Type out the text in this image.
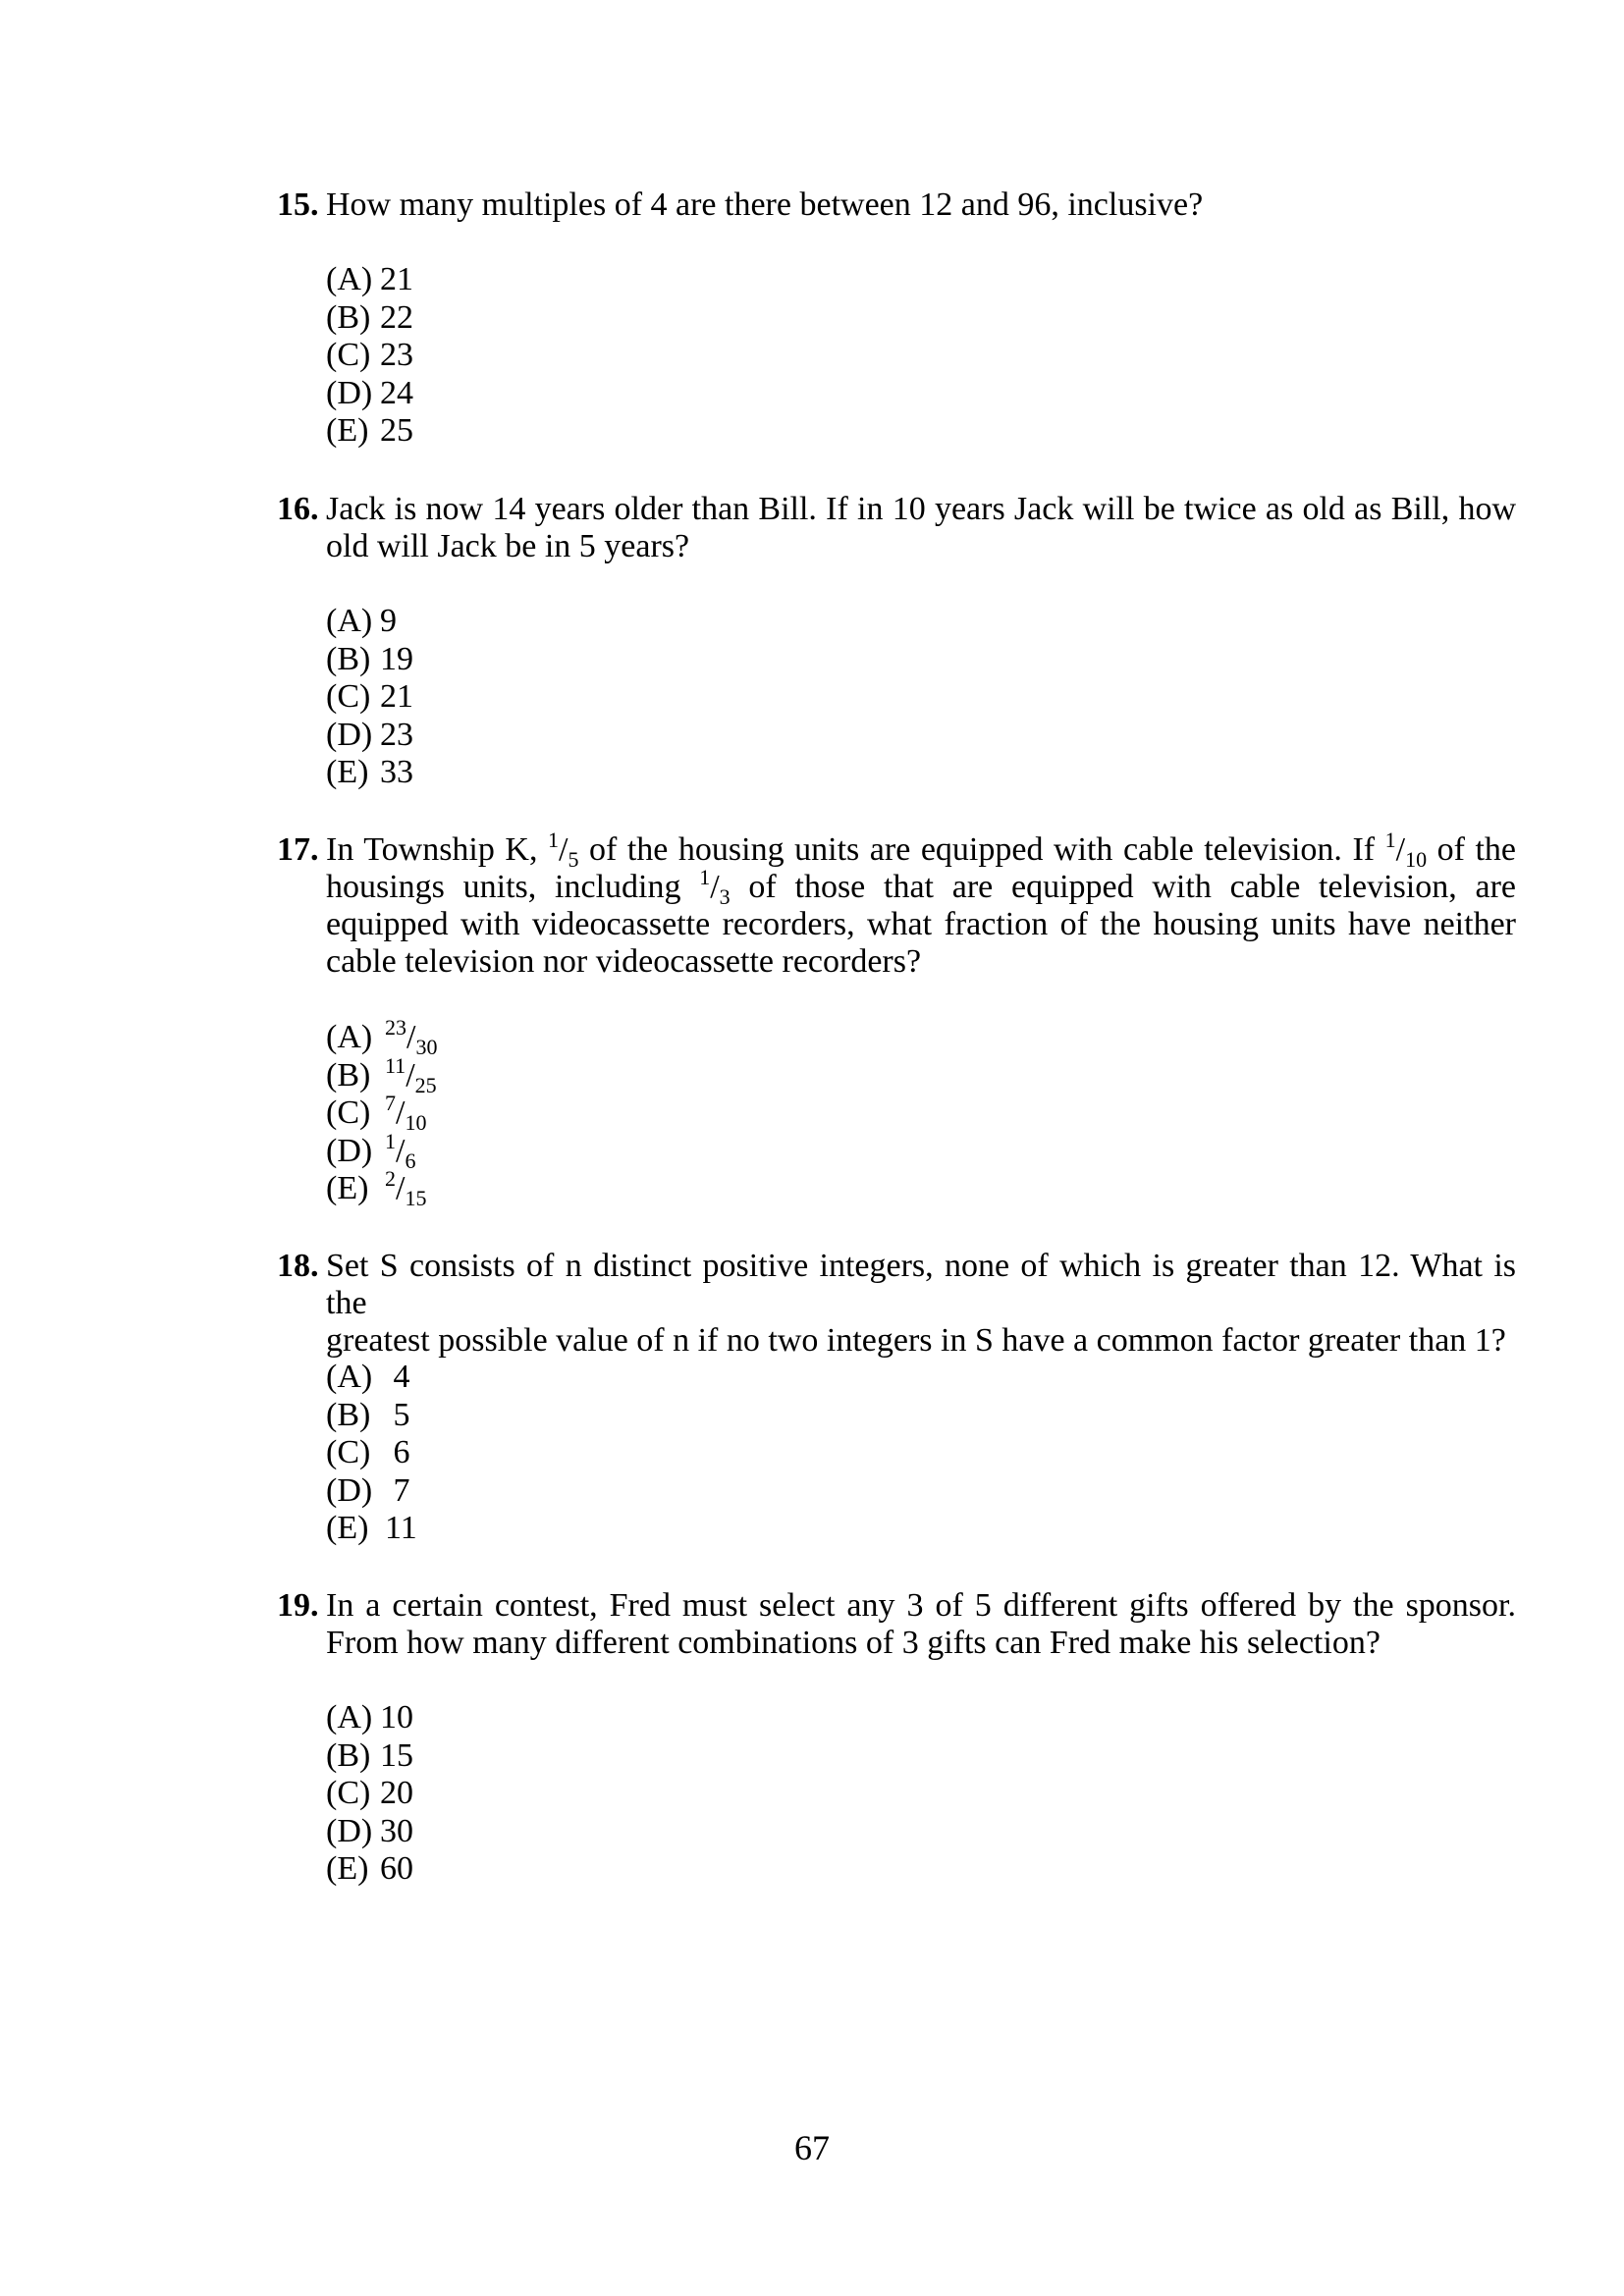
15. How many multiples of 4 are there between 12 and 96, inclusive?
(A) 21
(B) 22
(C) 23
(D) 24
(E) 25
16. Jack is now 14 years older than Bill. If in 10 years Jack will be twice as old as Bill, how
old will Jack be in 5 years?
(A) 9
(B) 19
(C) 21
(D) 23
(E) 33
17. In Township K, $^1/_5$ of the housing units are equipped with cable television. If $^1/_{10}$ of the
housings units, including $^1/_3$ of those that are equipped with cable television, are
equipped with videocassette recorders, what fraction of the housing units have neither
cable television nor videocassette recorders?
(A) $^{23}/_{30}$
(B) $^{11}/_{25}$
(C) $^7/_{10}$
(D) $^1/_6$
(E) $^2/_{15}$
18. Set S consists of n distinct positive integers, none of which is greater than 12. What is the
greatest possible value of n if no two integers in S have a common factor greater than 1?
(A) 4
(B) 5
(C) 6
(D) 7
(E) 11
19. In a certain contest, Fred must select any 3 of 5 different gifts offered by the sponsor.
From how many different combinations of 3 gifts can Fred make his selection?
(A) 10
(B) 15
(C) 20
(D) 30
(E) 60
67
